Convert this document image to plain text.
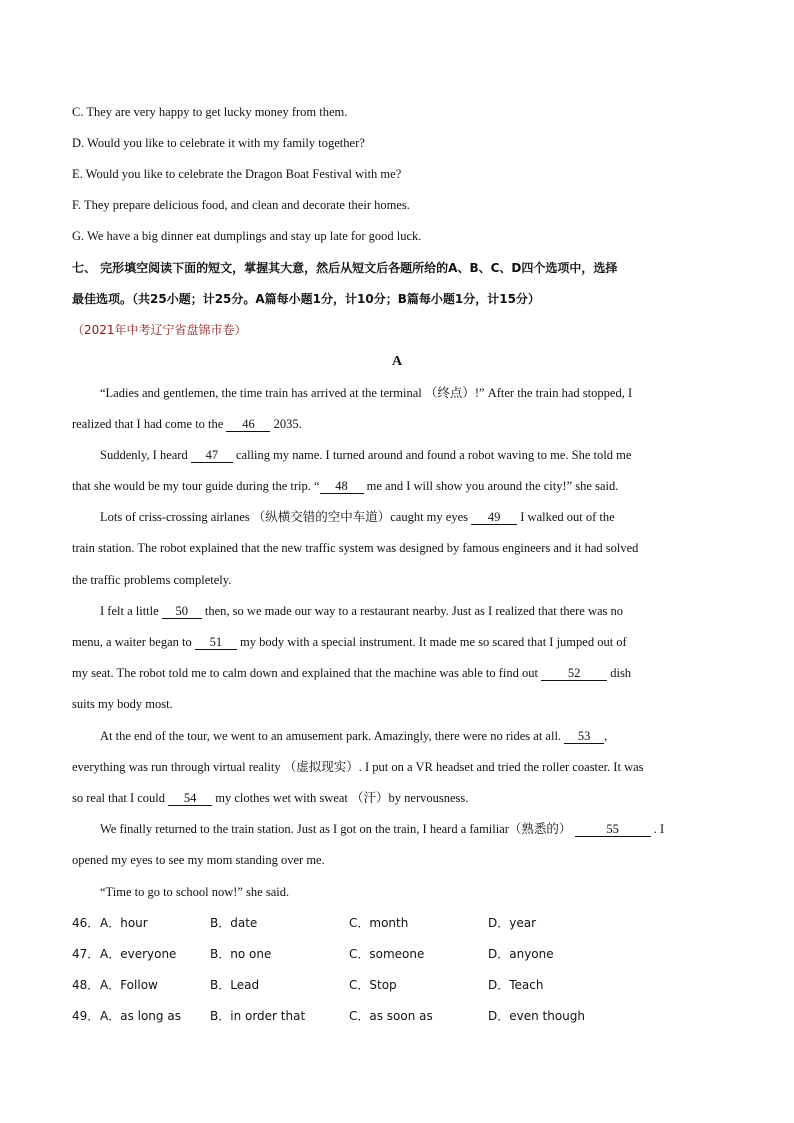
C. They are very happy to get lucky money from them.
D. Would you like to celebrate it with my family together?
E. Would you like to celebrate the Dragon Boat Festival with me?
F. They prepare delicious food, and clean and decorate their homes.
G. We have a big dinner eat dumplings and stay up late for good luck.
七、 完形填空阅读下面的短文，掌握其大意，然后从短文后各题所给的A、B、C、D四个选项中，选择
最佳选项。（共25小题；计25分。A篇每小题1分，计10分；B篇每小题1分，计15分）
（2021年中考辽宁省盘锦市卷）
A
“Ladies and gentlemen, the time train has arrived at the terminal （终点）!” After the train had stopped, I
realized that I had come to the 46 2035.
Suddenly, I heard 47 calling my name. I turned around and found a robot waving to me. She told me
that she would be my tour guide during the trip. “ 48 me and I will show you around the city!” she said.
Lots of criss-crossing airlanes （纵横交错的空中车道）caught my eyes 49 I walked out of the
train station. The robot explained that the new traffic system was designed by famous engineers and it had solved
the traffic problems completely.
I felt a little 50 then, so we made our way to a restaurant nearby. Just as I realized that there was no
menu, a waiter began to 51 my body with a special instrument. It made me so scared that I jumped out of
my seat. The robot told me to calm down and explained that the machine was able to find out 52 dish
suits my body most.
At the end of the tour, we went to an amusement park. Amazingly, there were no rides at all. 53 ,
everything was run through virtual reality （虚拟现实）. I put on a VR headset and tried the roller coaster. It was
so real that I could 54 my clothes wet with sweat （汗）by nervousness.
We finally returned to the train station. Just as I got on the train, I heard a familiar（熟悉的）	55	. I
opened my eyes to see my mom standing over me.
“Time to go to school now!” she said.
46． A．hour	B．date	C．month	D．year
47． A．everyone	B．no one	C．someone	D．anyone
48． A．Follow	B．Lead	C．Stop	D．Teach
49． A．as long as B．in order that	C．as soon as	D．even though
